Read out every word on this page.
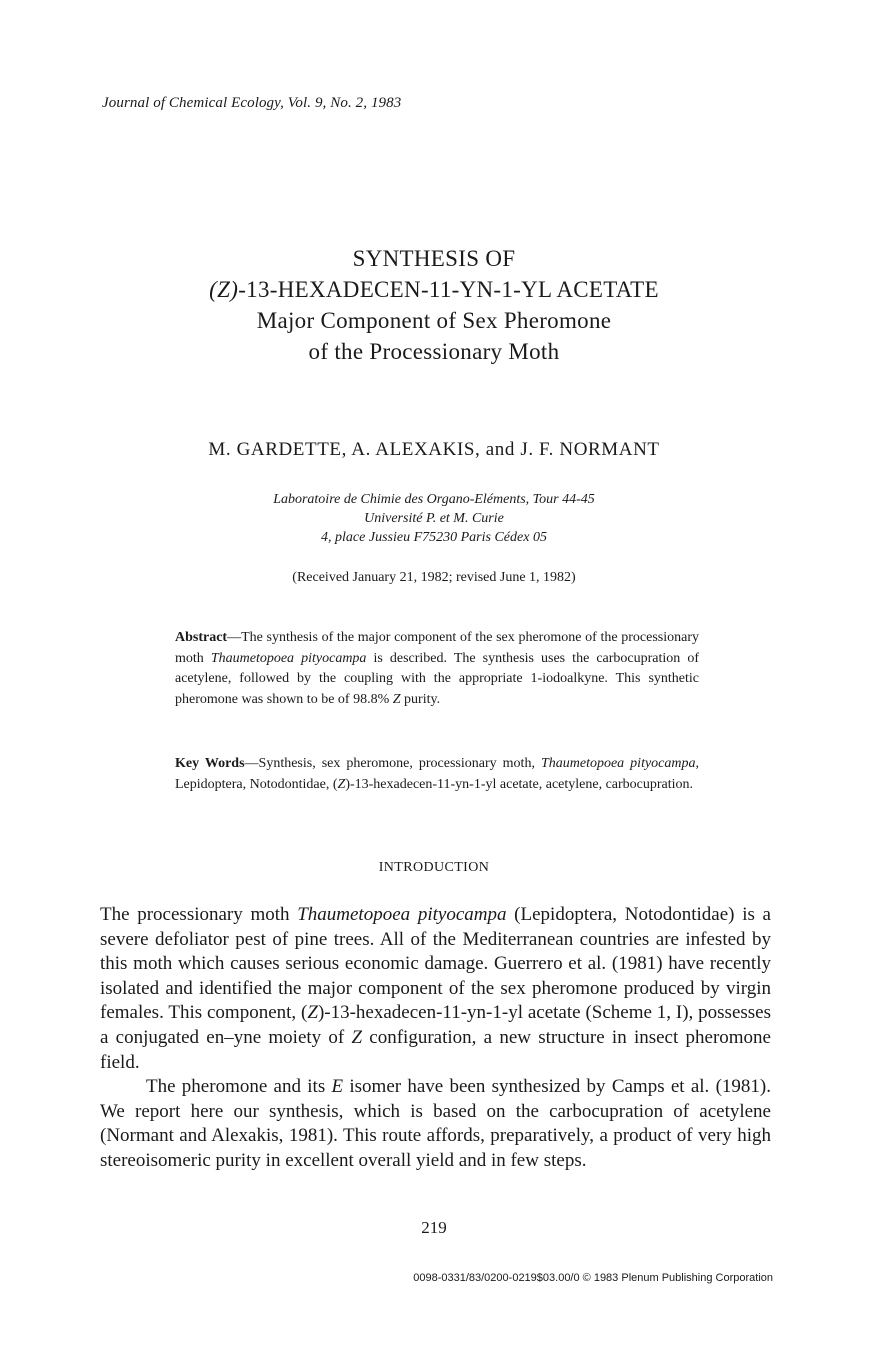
Journal of Chemical Ecology, Vol. 9, No. 2, 1983
SYNTHESIS OF
(Z)-13-HEXADECEN-11-YN-1-YL ACETATE
Major Component of Sex Pheromone
of the Processionary Moth
M. GARDETTE, A. ALEXAKIS, and J. F. NORMANT
Laboratoire de Chimie des Organo-Eléments, Tour 44-45
Université P. et M. Curie
4, place Jussieu F75230 Paris Cédex 05
(Received January 21, 1982; revised June 1, 1982)
Abstract—The synthesis of the major component of the sex pheromone of the processionary moth Thaumetopoea pityocampa is described. The synthesis uses the carbocupration of acetylene, followed by the coupling with the appropriate 1-iodoalkyne. This synthetic pheromone was shown to be of 98.8% Z purity.
Key Words—Synthesis, sex pheromone, processionary moth, Thaumetopoea pityocampa, Lepidoptera, Notodontidae, (Z)-13-hexadecen-11-yn-1-yl acetate, acetylene, carbocupration.
INTRODUCTION

The processionary moth Thaumetopoea pityocampa (Lepidoptera, Notodontidae) is a severe defoliator pest of pine trees. All of the Mediterranean countries are infested by this moth which causes serious economic damage. Guerrero et al. (1981) have recently isolated and identified the major component of the sex pheromone produced by virgin females. This component, (Z)-13-hexadecen-11-yn-1-yl acetate (Scheme 1, I), possesses a conjugated en–yne moiety of Z configuration, a new structure in insect pheromone field.

The pheromone and its E isomer have been synthesized by Camps et al. (1981). We report here our synthesis, which is based on the carbocupration of acetylene (Normant and Alexakis, 1981). This route affords, preparatively, a product of very high stereoisomeric purity in excellent overall yield and in few steps.

219
0098-0331/83/0200-0219$03.00/0 © 1983 Plenum Publishing Corporation
